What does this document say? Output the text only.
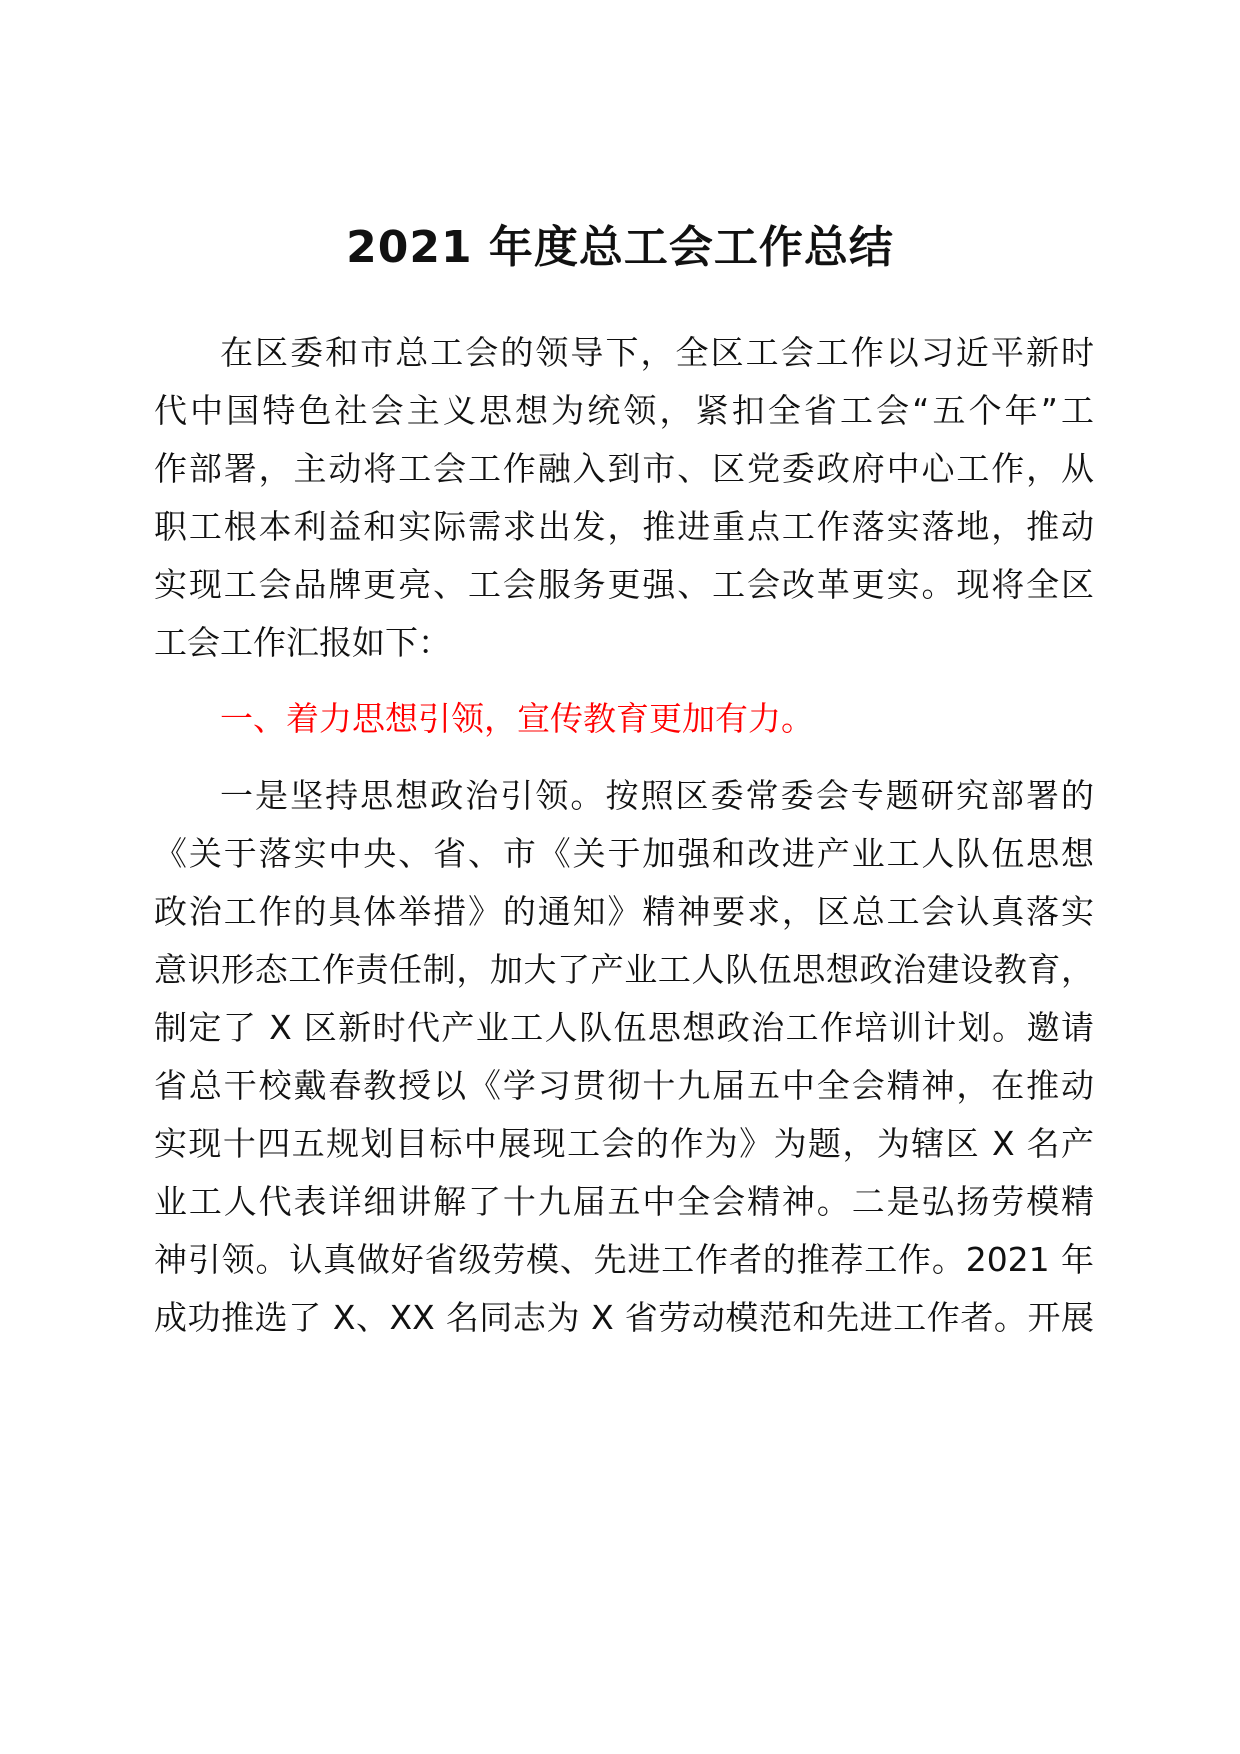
2021 年度总工会工作总结

在区委和市总工会的领导下，全区工会工作以习近平新时

代中国特色社会主义思想为统领，紧扣全省工会“五个年”工

作部署，主动将工会工作融入到市、区党委政府中心工作，从

职工根本利益和实际需求出发，推进重点工作落实落地，推动

实现工会品牌更亮、工会服务更强、工会改革更实。现将全区

工会工作汇报如下：

一、着力思想引领，宣传教育更加有力。

一是坚持思想政治引领。按照区委常委会专题研究部署的

《关于落实中央、省、市《关于加强和改进产业工人队伍思想

政治工作的具体举措》的通知》精神要求，区总工会认真落实

意识形态工作责任制，加大了产业工人队伍思想政治建设教育，

制定了 X 区新时代产业工人队伍思想政治工作培训计划。邀请

省总干校戴春教授以《学习贯彻十九届五中全会精神，在推动

实现十四五规划目标中展现工会的作为》为题，为辖区 X 名产

业工人代表详细讲解了十九届五中全会精神。二是弘扬劳模精

神引领。认真做好省级劳模、先进工作者的推荐工作。2021 年

成功推选了 X、XX 名同志为 X 省劳动模范和先进工作者。开展
